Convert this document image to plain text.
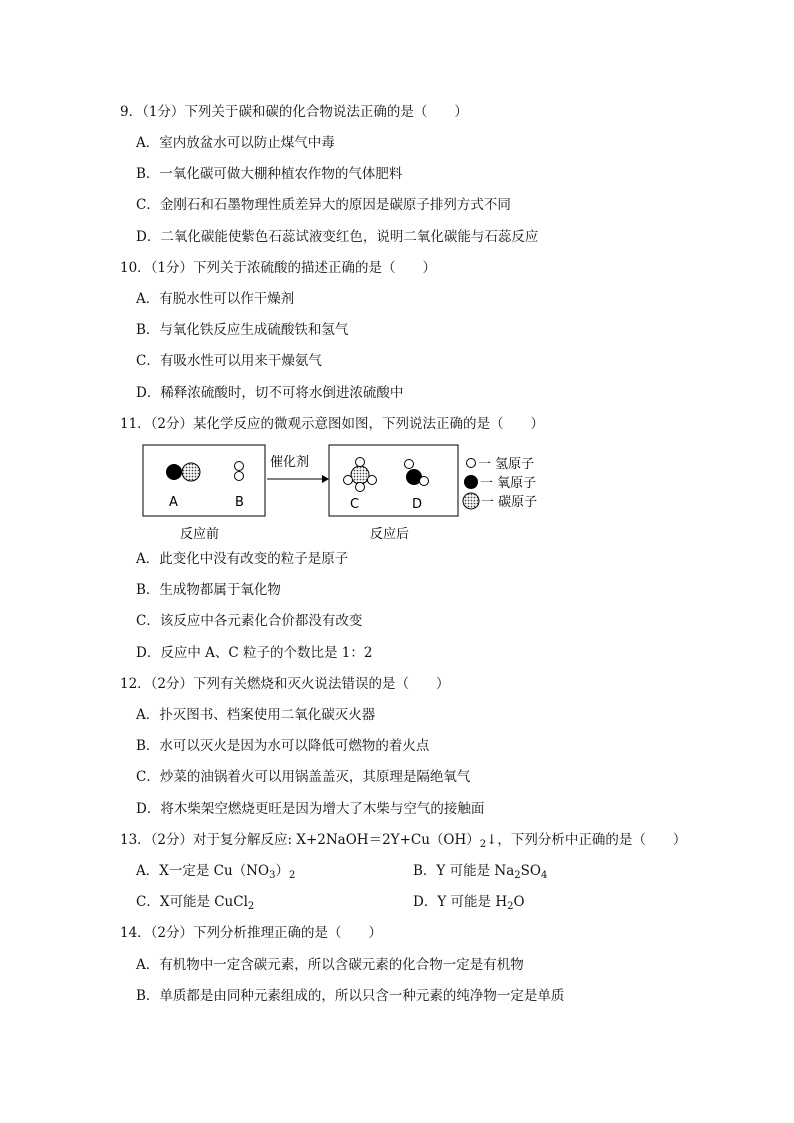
9．（1分）下列关于碳和碳的化合物说法正确的是（　　）
A．室内放盆水可以防止煤气中毒
B．一氧化碳可做大棚种植农作物的气体肥料
C．金刚石和石墨物理性质差异大的原因是碳原子排列方式不同
D．二氧化碳能使紫色石蕊试液变红色，说明二氧化碳能与石蕊反应
10．（1分）下列关于浓硫酸的描述正确的是（　　）
A．有脱水性可以作干燥剂
B．与氧化铁反应生成硫酸铁和氢气
C．有吸水性可以用来干燥氨气
D．稀释浓硫酸时，切不可将水倒进浓硫酸中
11．（2分）某化学反应的微观示意图如图，下列说法正确的是（　　）
A	B
反应前
催化剂
C	D
反应后
一 氢原子
一 氧原子
一 碳原子
A．此变化中没有改变的粒子是原子
B．生成物都属于氧化物
C．该反应中各元素化合价都没有改变
D．反应中 A、C 粒子的个数比是 1：2
12．（2分）下列有关燃烧和灭火说法错误的是（　　）
A．扑灭图书、档案使用二氧化碳灭火器
B．水可以灭火是因为水可以降低可燃物的着火点
C．炒菜的油锅着火可以用锅盖盖灭，其原理是隔绝氧气
D．将木柴架空燃烧更旺是因为增大了木柴与空气的接触面
13．（2分）对于复分解反应: $X+2NaOH=2Y+Cu(OH)_2↓$，下列分析中正确的是（　　）
A．X一定是 $Cu(NO_3)_2$	B．Y 可能是 $Na_2SO_4$
C．X可能是 CuCl$_2$	D．Y 可能是 $H_2O$
14．（2分）下列分析推理正确的是（　　）
A．有机物中一定含碳元素，所以含碳元素的化合物一定是有机物
B．单质都是由同种元素组成的，所以只含一种元素的纯净物一定是单质
